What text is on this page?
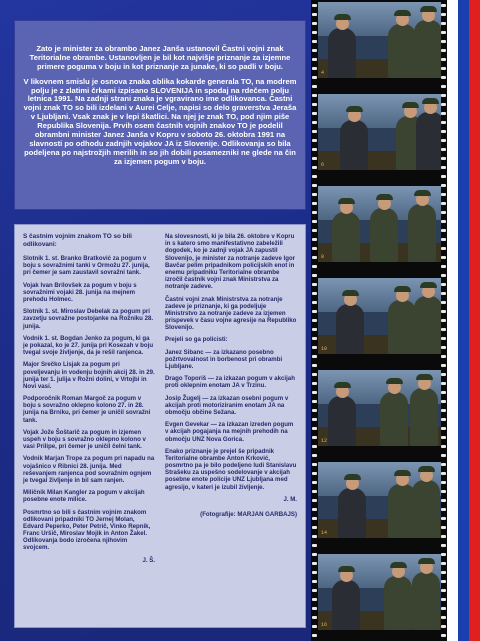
Zato je minister za obrambo Janez Janša ustanovil Častni vojni znak Teritorialne obrambe. Ustanovljen je bil kot najvišje priznanje za izjemne primere poguma v boju in kot priznanje za junake, ki so padli v boju.

V likovnem smislu je osnova znaka oblika kokarde generala TO, na modrem polju je z zlatimi črkami izpisano SLOVENIJA in spodaj na rdečem polju letnica 1991. Na zadnji strani znaka je vgravirano ime odlikovanca. Častni vojni znak TO so bili izdelani v Aurei Celje, napisi so delo graverstva Jeraša v Ljubljani. Vsak znak je v lepi škatlici. Na njej je znak TO, pod njim piše Republika Slovenija. Prvih osem častnih vojnih znakov TO je podelil obrambni minister Janez Janša v Kopru v soboto 26. oktobra 1991 na slavnosti po odhodu zadnjih vojakov JA iz Slovenije. Odlikovanja so bila podeljena po najstrožjih merilih in so jih dobili posamezniki ne glede na čin za izjemen pogum v boju.

S častnim vojnim znakom TO so bili odlikovani:

Slotnik 1. st. Branko Bratković za pogum v boju s sovražnimi tanki v Ormožu 27. junija, pri čemer je sam zaustavil sovražni tank.

Vojak Ivan Brilovšek za pogum v boju s sovražnimi vojaki 28. junija na mejnem prehodu Holmec.

Slotnik 1. st. Miroslav Debelak za pogum pri zavzetju sovražne postojanke na Rožniku 28. junija.

Vodnik 1. st. Bogdan Jenko za pogum, ki ga je pokazal, ko je 27. junija pri Kosezah v boju tvegal svoje življenje, da je rešil ranjenca.

Major Srečko Lisjak za pogum pri povelјevanju in vodenju bojnih akcij 28. in 29. junija ter 1. julija v Rožni dolini, v Vrtojbi in Novi vasi.

Podporočnik Roman Margoč za pogum v boju s sovražno oklepno kolono 27. in 28. junija na Brniku, pri čemer je uničil sovražni tank.

Vojak Jože Šoštarič za pogum in izjemen uspeh v boju s sovražno oklepno kolono v vasi Prilipe, pri čemer je uničil čelni tank.

Vodnik Marjan Trope za pogum pri napadu na vojašnico v Ribnici 28. junija. Med reševanjem ranjenca pod sovražnim ognjem je tvegal življenje in bil sam ranjen.

Miličnik Milan Kangler za pogum v akcijah posebne enote milice.

Posmrtno so bili s častnim vojnim znakom odlikovani pripadniki TO Jernej Molan, Edvard Peperko, Peter Petrič, Vinko Repnik, Franc Uršič, Miroslav Mojik in Anton Žakel. Odlikovanja bodo izročena njihovim svojcem.

J. Š.

Na slovesnosti, ki je bila 26. oktobre v Kopru in s katero smo manifestativno zabeležili dogodek, ko je zadnji vojak JA zapustil Slovenijo, je minister za notranje zadeve Igor Bavčar pelim pripadnikom policijskih enot in enemu pripadniku Teritorialne obrambe izročil častnik vojni znak Ministrstva za notranje zadeve.

Častni vojni znak Ministrstva za notranje zadeve je priznanje, ki ga podeljuje Ministrstvo za notranje zadeve za izjemen prispevek v času vojne agresije na Republiko Slovenijo.

Prejeli so ga policisti:

Janez Sibanc — za izkazano posebno požrtvovalnost in borbenost pri obrambi Ljubljane.

Drago Toporiš — za izkazan pogum v akcijah proti oklepnim enotam JA v Trzinu.

Josip Žugelj — za izkazan osebni pogum v akcijah proti motoriziranim enotam JA na območju občine Sežana.

Evgen Gevekar — za izkazan izreden pogum v akcijah pogajanja na mejnih prehodih na območju UNZ Nova Gorica.

Enako priznanje je prejel še pripadnik Teritorialne obrambe Anton Krković, posmrtno pa je bilo podeljeno ludi Stanislavu Strašeku za uspešno sodelovanje v akcijah posebne enote policije UNZ Ljubljana med agresijo, v kateri je izubil življenje.

J. M.

(Fotografije: MARJAN GARBAJS)

4
6
8
10
12
14
16
